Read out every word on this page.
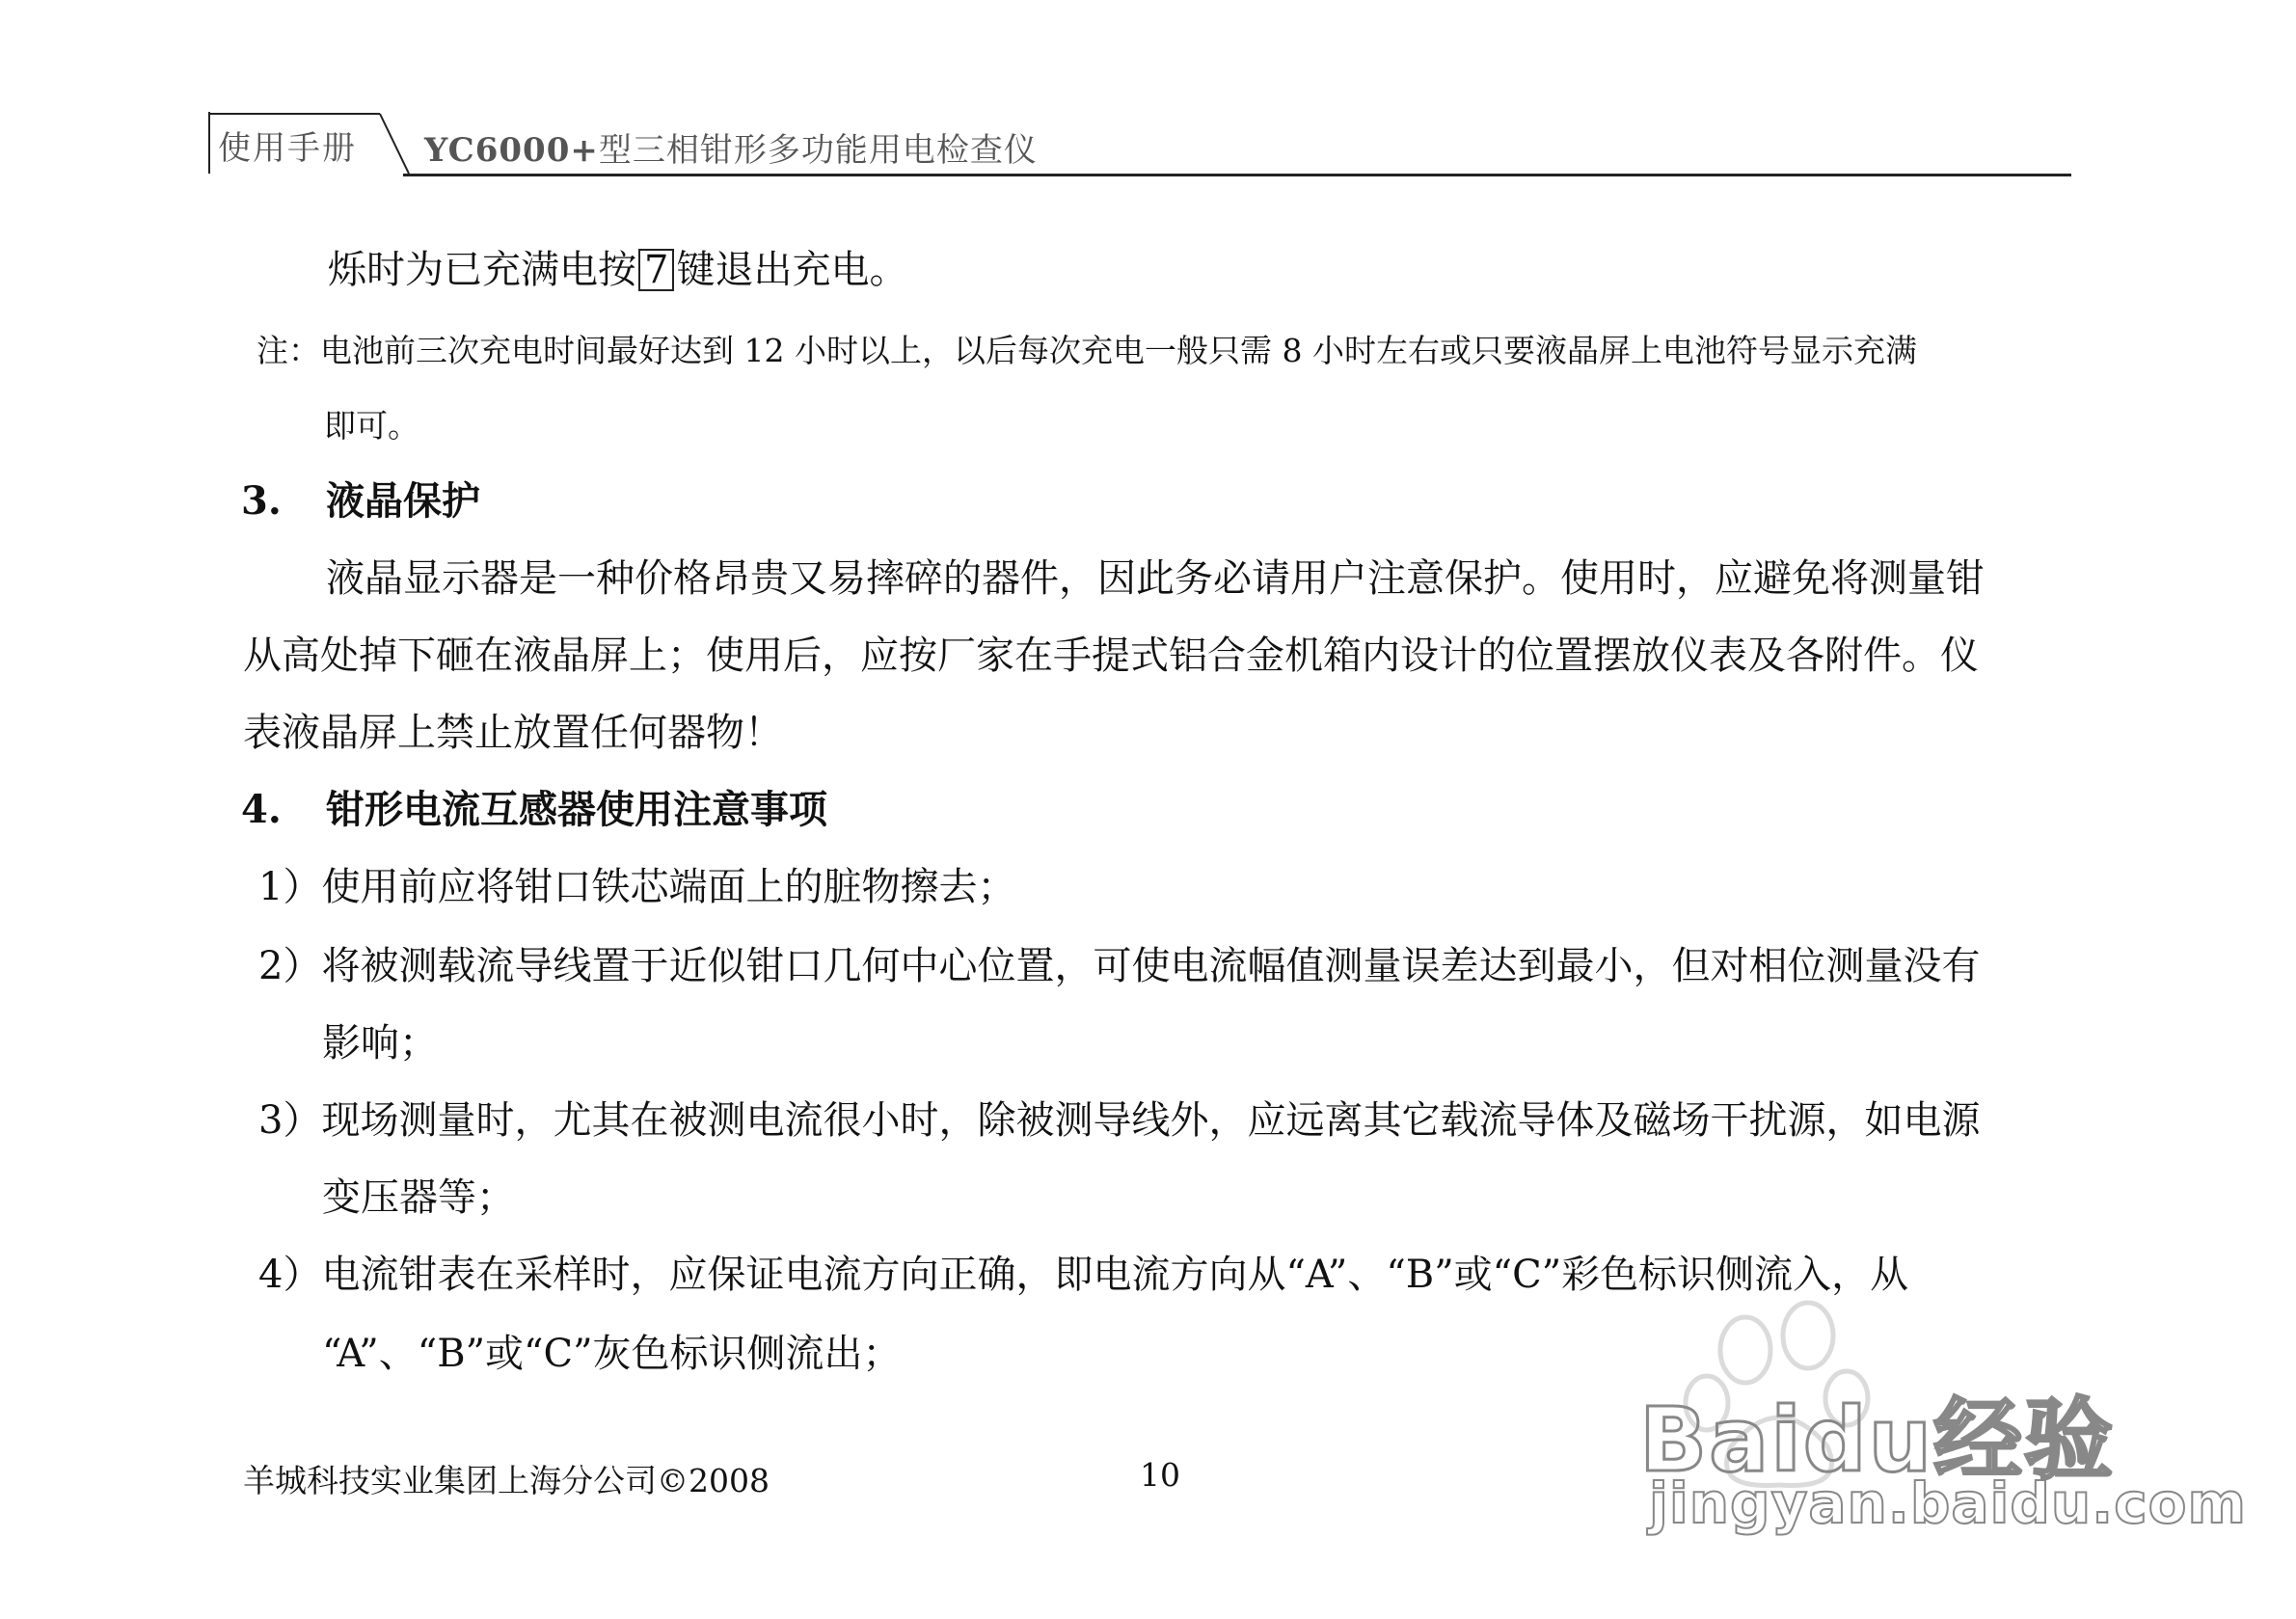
使用手册 YC6000+型三相钳形多功能用电检查仪
烁时为已充满电按 7 键退出充电。
注：电池前三次充电时间最好达到 12 小时以上，以后每次充电一般只需 8 小时左右或只要液晶屏上电池符号显示充满
即可。
3. 液晶保护
液晶显示器是一种价格昂贵又易摔碎的器件，因此务必请用户注意保护。使用时，应避免将测量钳
从高处掉下砸在液晶屏上；使用后，应按厂家在手提式铝合金机箱内设计的位置摆放仪表及各附件。仪
表液晶屏上禁止放置任何器物！
4. 钳形电流互感器使用注意事项
1）使用前应将钳口铁芯端面上的脏物擦去；
2）将被测载流导线置于近似钳口几何中心位置，可使电流幅值测量误差达到最小，但对相位测量没有
影响；
3）现场测量时，尤其在被测电流很小时，除被测导线外，应远离其它载流导体及磁场干扰源，如电源
变压器等；
4）电流钳表在采样时，应保证电流方向正确，即电流方向从“A”、“B”或“C”彩色标识侧流入，从
“A”、“B”或“C”灰色标识侧流出；
羊城科技实业集团上海分公司©2008	10	Baidu经验
jingyan.baidu.com
